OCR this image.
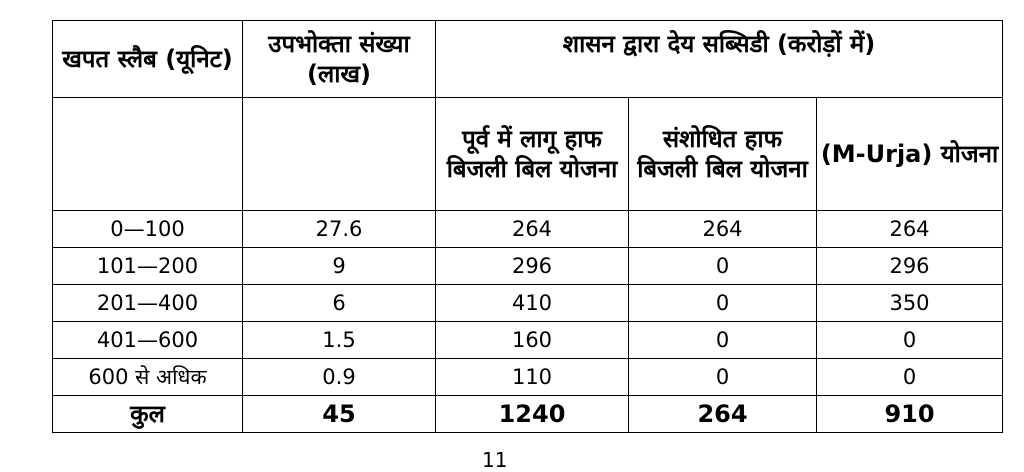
खपत स्लैब (यूनिट)	उपभोक्ता संख्या (लाख)	शासन द्वारा देय सब्सिडी (करोड़ों में)		
		पूर्व में लागू हाफ बिजली बिल योजना	संशोधित हाफ बिजली बिल योजना	(M-Urja) योजना
0—100	27.6	264	264	264
101—200	9	296	0	296
201—400	6	410	0	350
401—600	1.5	160	0	0
600 से अधिक	0.9	110	0	0
कुल	45	1240	264	910
11
